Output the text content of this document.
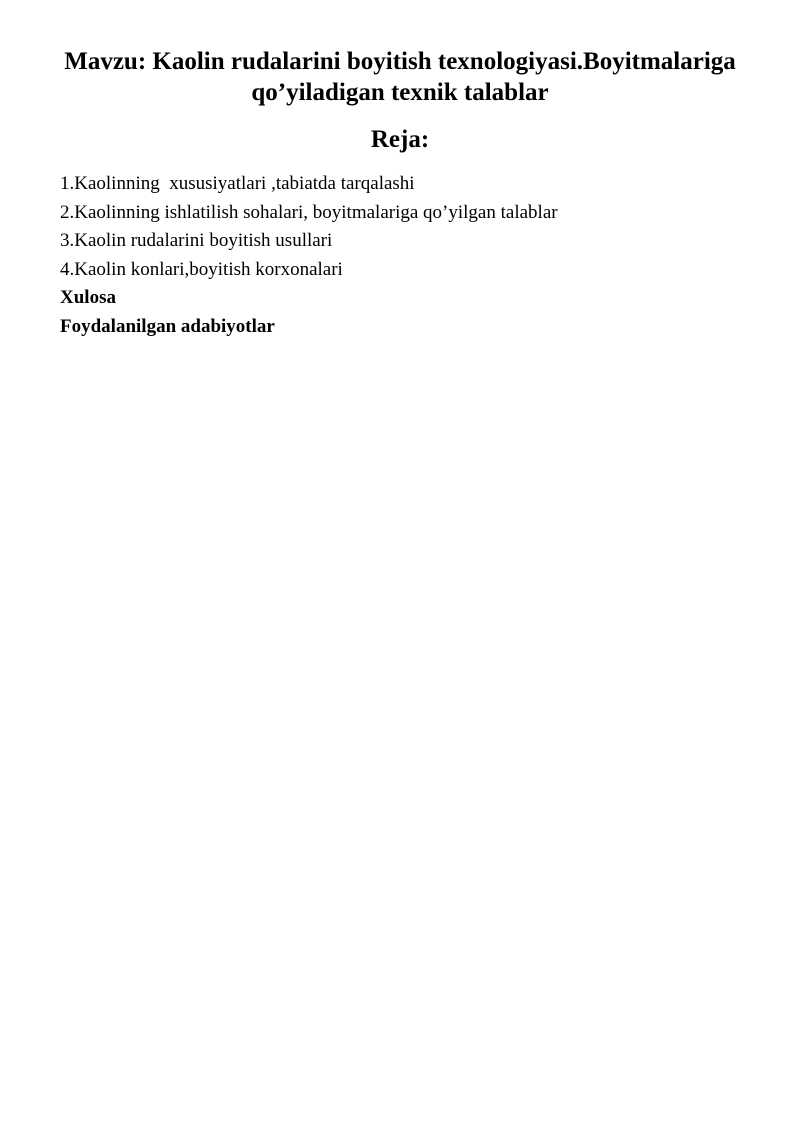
Mavzu: Kaolin rudalarini boyitish texnologiyasi.Boyitmalariga qo’yiladigan texnik talablar
Reja:
1.Kaolinning  xususiyatlari ,tabiatda tarqalashi
2.Kaolinning ishlatilish sohalari, boyitmalariga qo’yilgan talablar
3.Kaolin rudalarini boyitish usullari
4.Kaolin konlari,boyitish korxonalari
Xulosa
Foydalanilgan adabiyotlar
